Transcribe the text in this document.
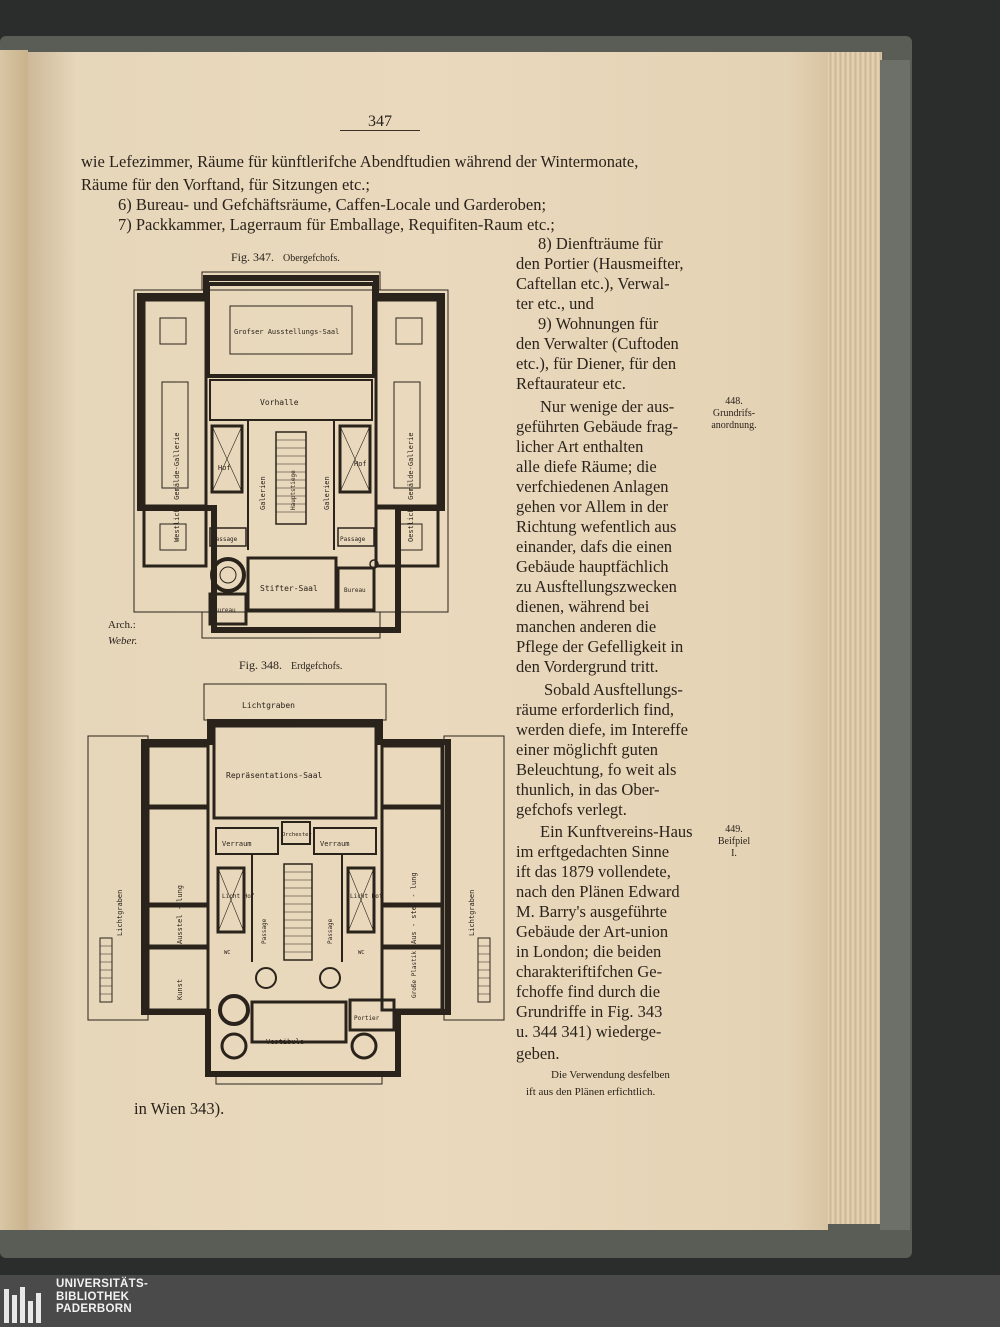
347
wie Lefezimmer, Räume für künftlerifche Abendftudien während der Wintermonate,
Räume für den Vorftand, für Sitzungen etc.;
6) Bureau- und Gefchäftsräume, Caffen-Locale und Garderoben;
7) Packkammer, Lagerraum für Emballage, Requifiten-Raum etc.;
8) Dienfträume für
den Portier (Hausmeifter,
Caftellan etc.), Verwal-
ter etc., und
9) Wohnungen für
den Verwalter (Cuftoden
etc.), für Diener, für den
Reftaurateur etc.
Nur wenige der aus-
geführten Gebäude frag-
licher Art enthalten
alle diefe Räume; die
verfchiedenen Anlagen
gehen vor Allem in der
Richtung wefentlich aus
einander, dafs die einen
Gebäude hauptfächlich
zu Ausftellungszwecken
dienen, während bei
manchen anderen die
Pflege der Gefelligkeit in
den Vordergrund tritt.
Sobald Ausftellungs-
räume erforderlich find,
werden diefe, im Intereffe
einer möglichft guten
Beleuchtung, fo weit als
thunlich, in das Ober-
gefchofs verlegt.
Ein Kunftvereins-Haus
im erftgedachten Sinne
ift das 1879 vollendete,
nach den Plänen Edward
M. Barry's ausgeführte
Gebäude der Art-union
in London; die beiden
charakteriftifchen Ge-
fchoffe find durch die
Grundriffe in Fig. 343
u. 344 341) wiederge-
geben.
Die Verwendung desfelben
ift aus den Plänen erfichtlich.
448.
Grundrifs-
anordnung.
449.
Beifpiel
I.
Fig. 347. Obergefchofs.
Fig. 348. Erdgefchofs.
Arch.:
Weber.
in Wien 343).
Grofser Ausstellungs-Saal
Vorhalle
Hof	Hof
Passage	Passage
Stifter-Saal
Bureau
Bureau
Westliche Gemälde-Gallerie	Oestliche Gemälde-Gallerie
Galerien	Galerien
Hauptstiege
Lichtgraben
Repräsentations-Saal
Verraum	Verraum
Orchester
Licht Hof	Licht Hof
WC	WC
Vestibule
Portier
Lichtgraben	Lichtgraben
Ausstel - lung	Aus - stel - lung
Kunst	Große Plastik
Passage	Passage
UNIVERSITÄTS-
BIBLIOTHEK
PADERBORN
